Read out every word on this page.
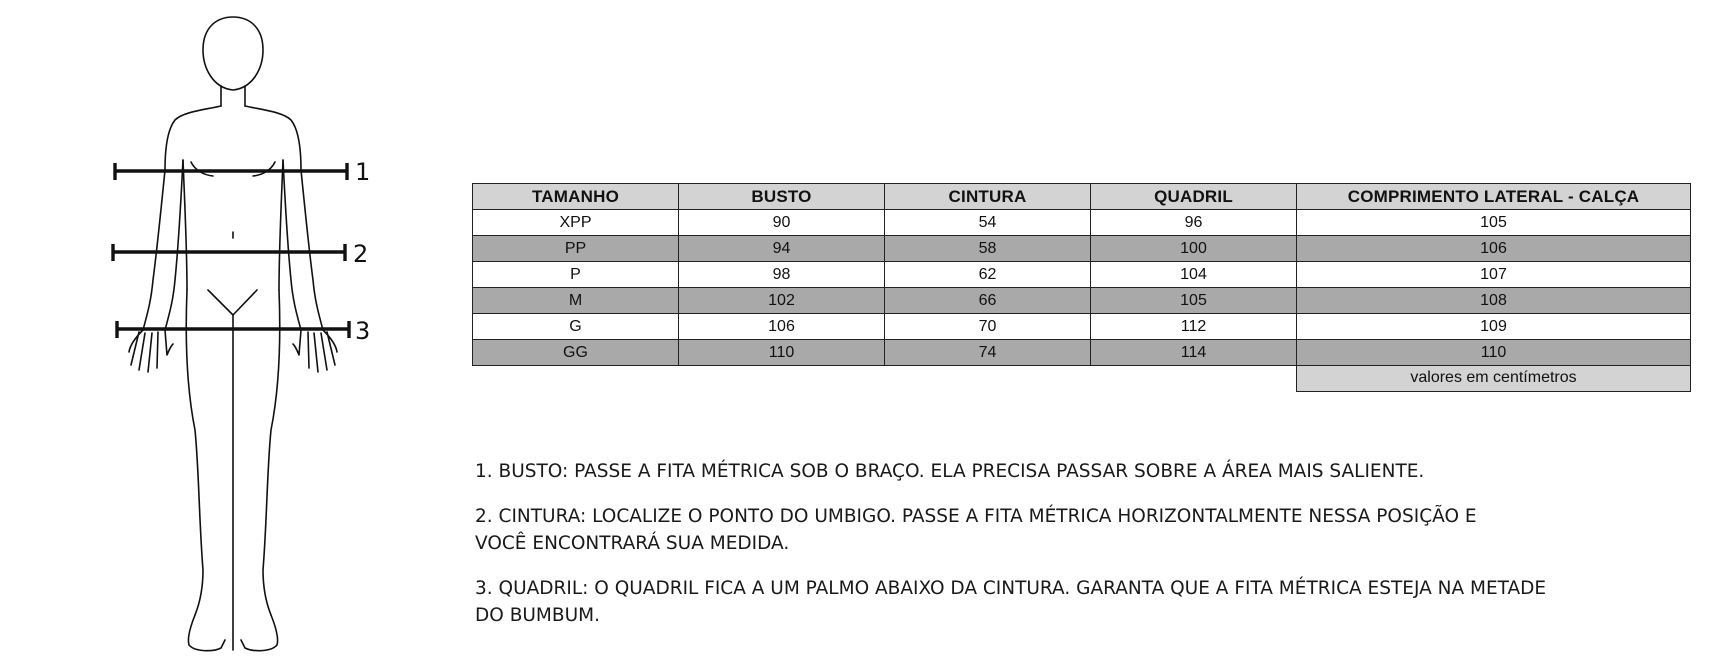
1
2
3
TAMANHO	BUSTO	CINTURA	QUADRIL	COMPRIMENTO LATERAL - CALÇA
XPP	90	54	96	105
PP	94	58	100	106
P	98	62	104	107
M	102	66	105	108
G	106	70	112	109
GG	110	74	114	110
				valores em centímetros

1. BUSTO: PASSE A FITA MÉTRICA SOB O BRAÇO. ELA PRECISA PASSAR SOBRE A ÁREA MAIS SALIENTE.

2. CINTURA: LOCALIZE O PONTO DO UMBIGO. PASSE A FITA MÉTRICA HORIZONTALMENTE NESSA POSIÇÃO E VOCÊ ENCONTRARÁ SUA MEDIDA.

3. QUADRIL: O QUADRIL FICA A UM PALMO ABAIXO DA CINTURA. GARANTA QUE A FITA MÉTRICA ESTEJA NA METADE DO BUMBUM.
